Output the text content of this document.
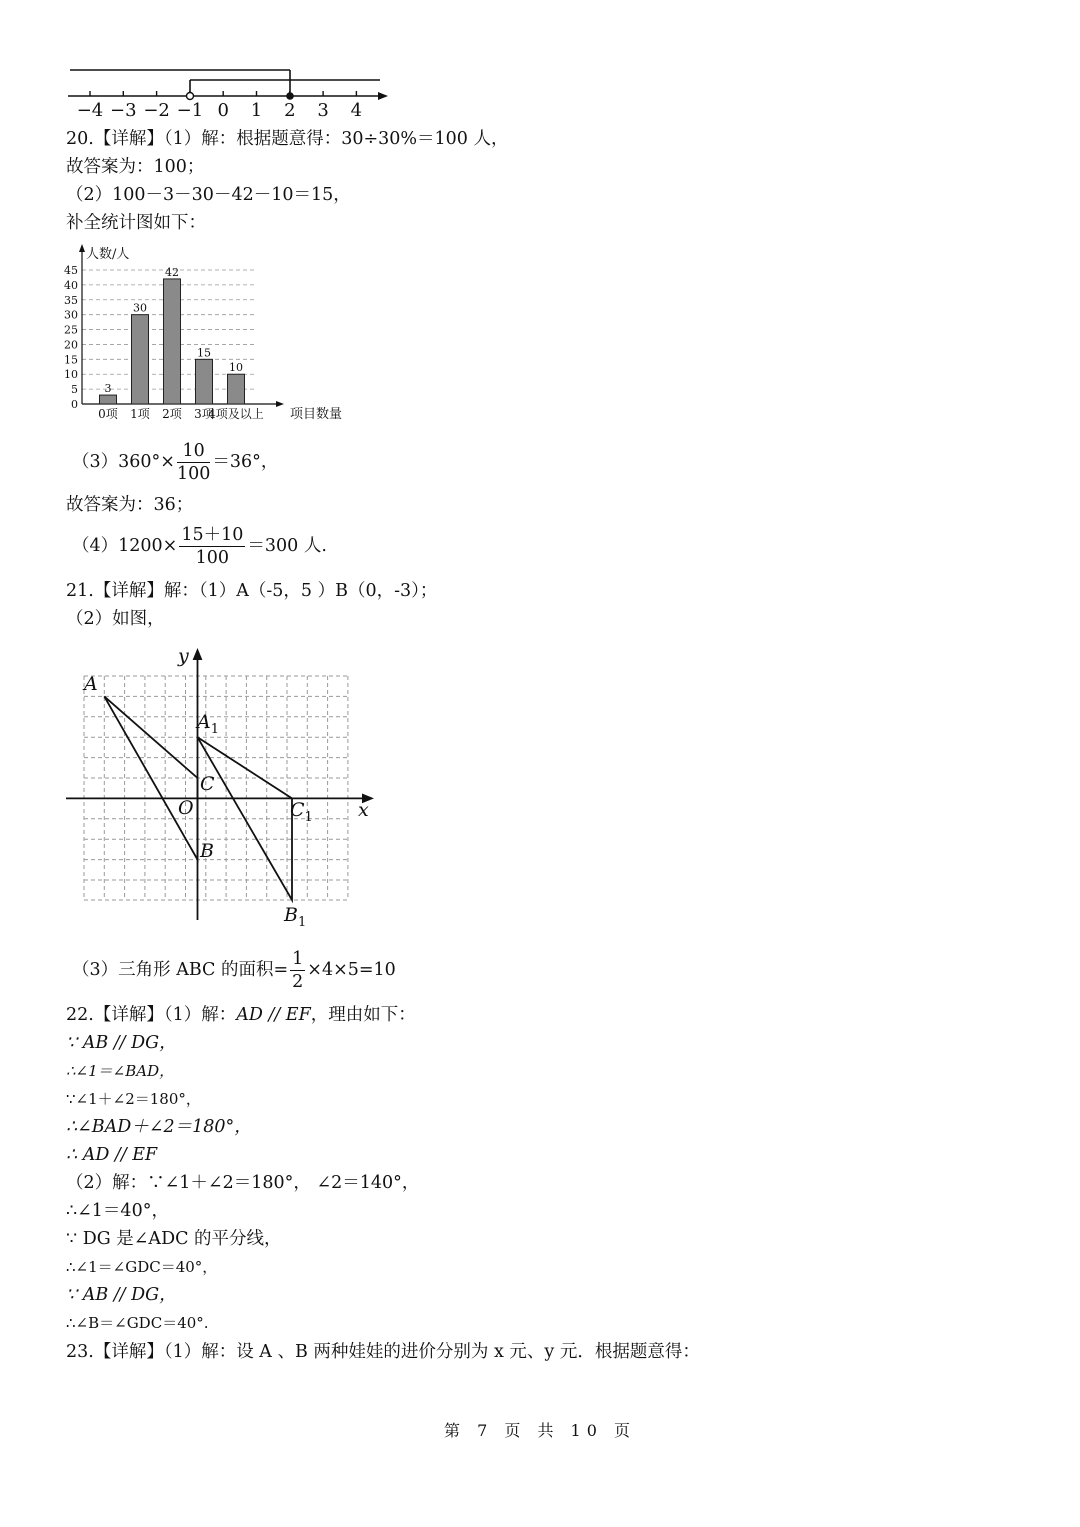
−4 −3 −2 −1 0 1 2 3 4
20.【详解】（1）解：根据题意得：30÷30%＝100 人，
故答案为：100；
（2）100－3－30－42－10＝15，
补全统计图如下：
0
5
10
15
20
25
30
35
40
45
人数/人
项目数量
3
0项
30
1项
42
2项
15
3项
10
4项及以上
$(3)360^\circ\times \frac{10}{100} =36^\circ$，
故答案为：36；
$(4)1200\times \frac{15+10}{100} =300$ 人.
21.【详解】解：（1）A（-5，5 ）B（0，-3）；
（2）如图，
x
y
O
A
C
B
$A_1$
$C_1$
$B_1$
（3）三角形 ABC 的面积= $\frac{1}{2} \times 4\times 5=10$
22.【详解】（1）解：AD // EF，理由如下：
∵ AB // DG，
∴∠1＝∠BAD，
∵∠1＋∠2＝180°，
∴∠BAD＋∠2＝180°，
∴ AD // EF
（2）解：∵∠1＋∠2＝180°， ∠2＝140°，
∴∠1＝40°，
∵ DG 是∠ADC 的平分线，
∴∠1＝∠GDC＝40°，
∵ AB // DG，
∴∠B＝∠GDC＝40°.
23.【详解】（1）解：设 A 、B 两种娃娃的进价分别为 x 元、y 元．根据题意得：
第 7 页 共 10 页
